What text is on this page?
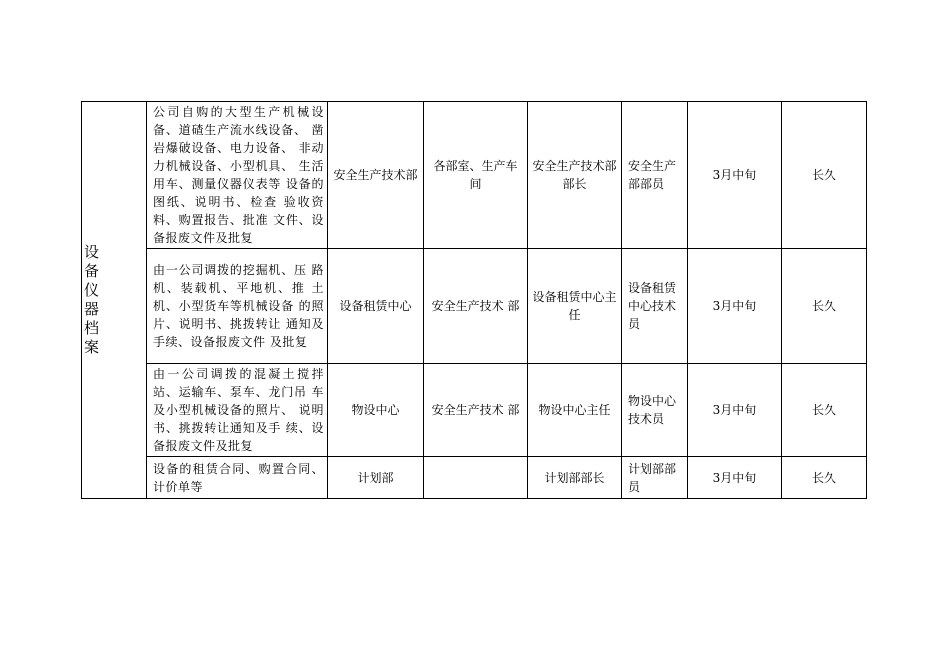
设备仪器档案	公司自购的大型生产机械设备、道碴生产流水线设备、 凿岩爆破设备、电力设备、 非动力机械设备、小型机具、 生活用车、测量仪器仪表等 设备的图纸、说明书、检查 验收资料、购置报告、批准 文件、设备报废文件及批复	安全生产技术部	各部室、生产车间	安全生产技术部部长	安全生产部部员	3月中旬	长久
	由一公司调拨的挖掘机、压 路机、装载机、平地机、推 土机、小型货车等机械设备 的照片、说明书、挑拨转让 通知及手续、设备报废文件 及批复	设备租赁中心	安全生产技术 部	设备租赁中心主任	设备租赁中心技术员	3月中旬	长久
	由一公司调拨的混凝土搅拌站、运输车、泵车、龙门吊 车及小型机械设备的照片、 说明书、挑拨转让通知及手 续、设备报废文件及批复	物设中心	安全生产技术 部	物设中心主任	物设中心技术员	3月中旬	长久
	设备的租赁合同、购置合同、计价单等	计划部		计划部部长	计划部部员	3月中旬	长久
